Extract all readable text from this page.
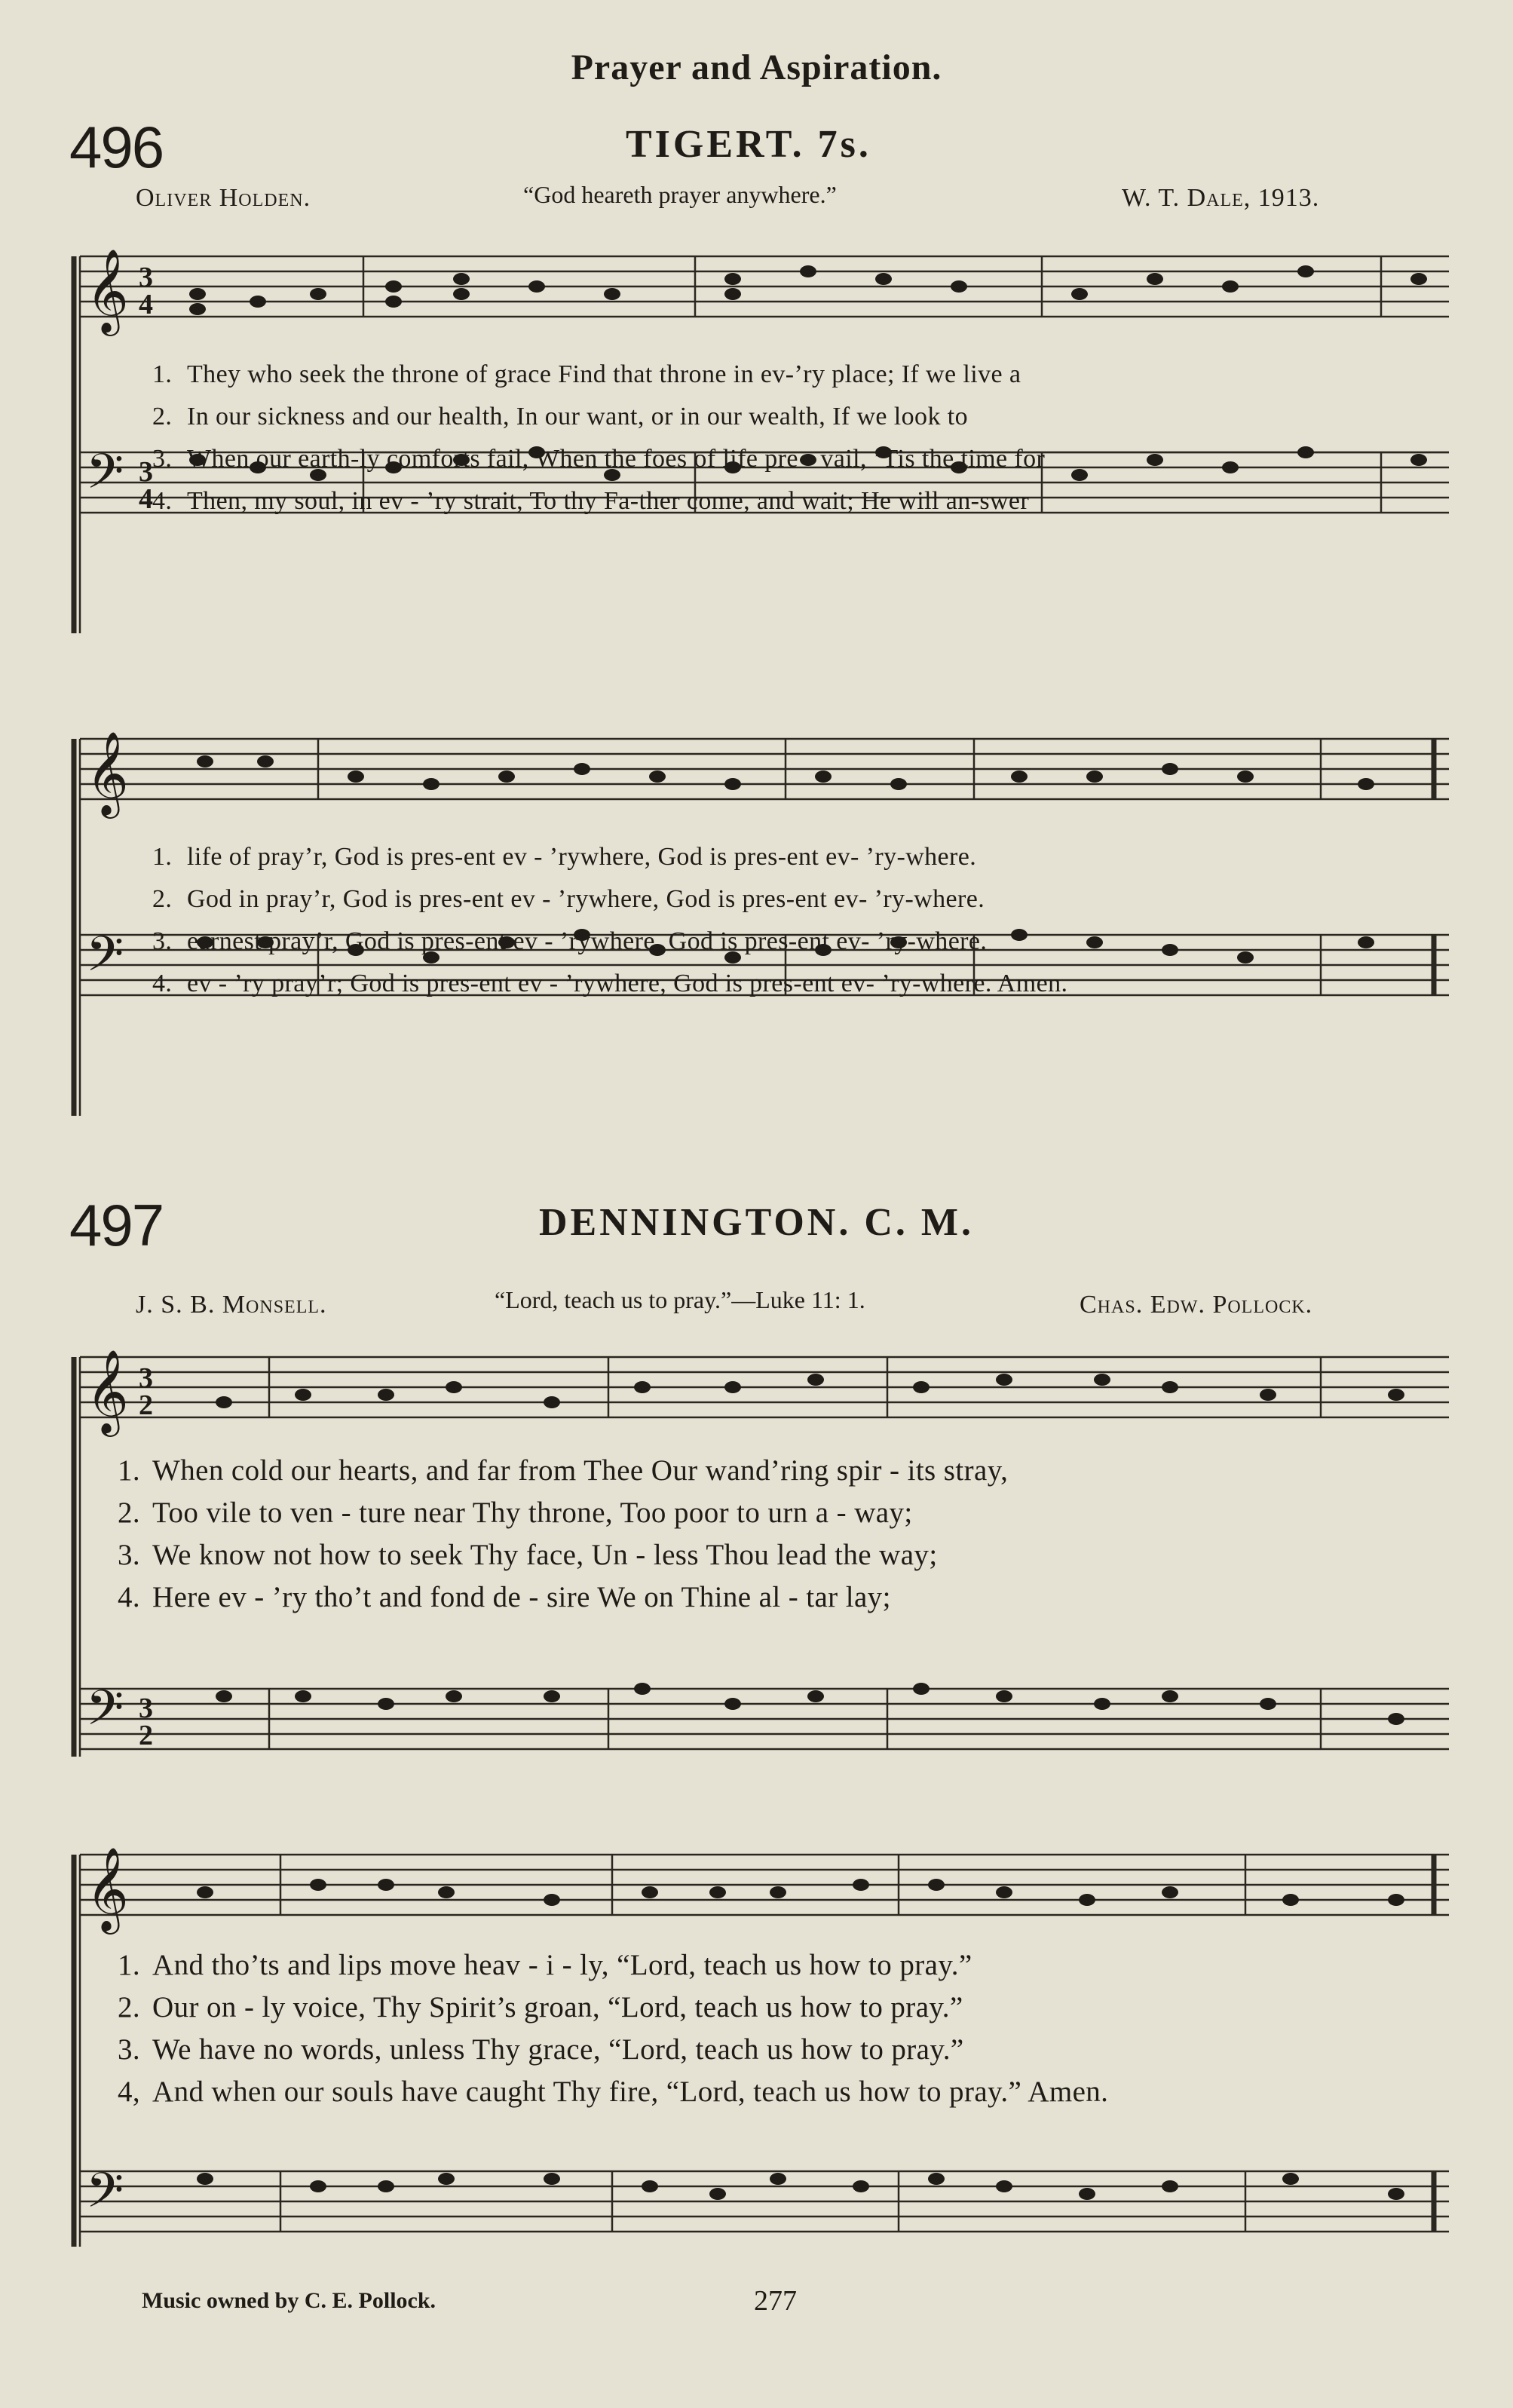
Prayer and Aspiration.
496	TIGERT. 7s.
Oliver Holden.	“God heareth prayer anywhere.”	W. T. Dale, 1913.
𝄞 3
4
𝄢 3
4
1. They who seek the throne of grace Find that throne in ev-’ry place; If we live a
2. In our sickness and our health, In our want, or in our wealth, If we look to
3. When our earth-ly comforts fail, When the foes of life pre - vail, ’Tis the time for
4. Then, my soul, in ev - ’ry strait, To thy Fa-ther come, and wait; He will an-swer
𝄞
𝄢
1. life of pray’r, God is pres-ent ev - ’rywhere, God is pres-ent ev- ’ry-where.
2. God in pray’r, God is pres-ent ev - ’rywhere, God is pres-ent ev- ’ry-where.
3. earnest pray’r, God is pres-ent ev - ’rywhere, God is pres-ent ev- ’ry-where.
4. ev - ’ry pray’r; God is pres-ent ev - ’rywhere, God is pres-ent ev- ’ry-where. Amen.
497	DENNINGTON. C. M.
J. S. B. Monsell.	“Lord, teach us to pray.”—Luke 11: 1.	Chas. Edw. Pollock.
𝄞 3
2
𝄢 3
2
1. When cold our hearts, and far from Thee Our wand’ring spir - its stray,
2. Too vile to ven - ture near Thy throne, Too poor to urn a - way;
3. We know not how to seek Thy face, Un - less Thou lead the way;
4. Here ev - ’ry tho’t and fond de - sire We on Thine al - tar lay;
𝄞
𝄢
1. And tho’ts and lips move heav - i - ly, “Lord, teach us how to pray.”
2. Our on - ly voice, Thy Spirit’s groan, “Lord, teach us how to pray.”
3. We have no words, unless Thy grace, “Lord, teach us how to pray.”
4, And when our souls have caught Thy fire, “Lord, teach us how to pray.” Amen.
Music owned by C. E. Pollock.	277
